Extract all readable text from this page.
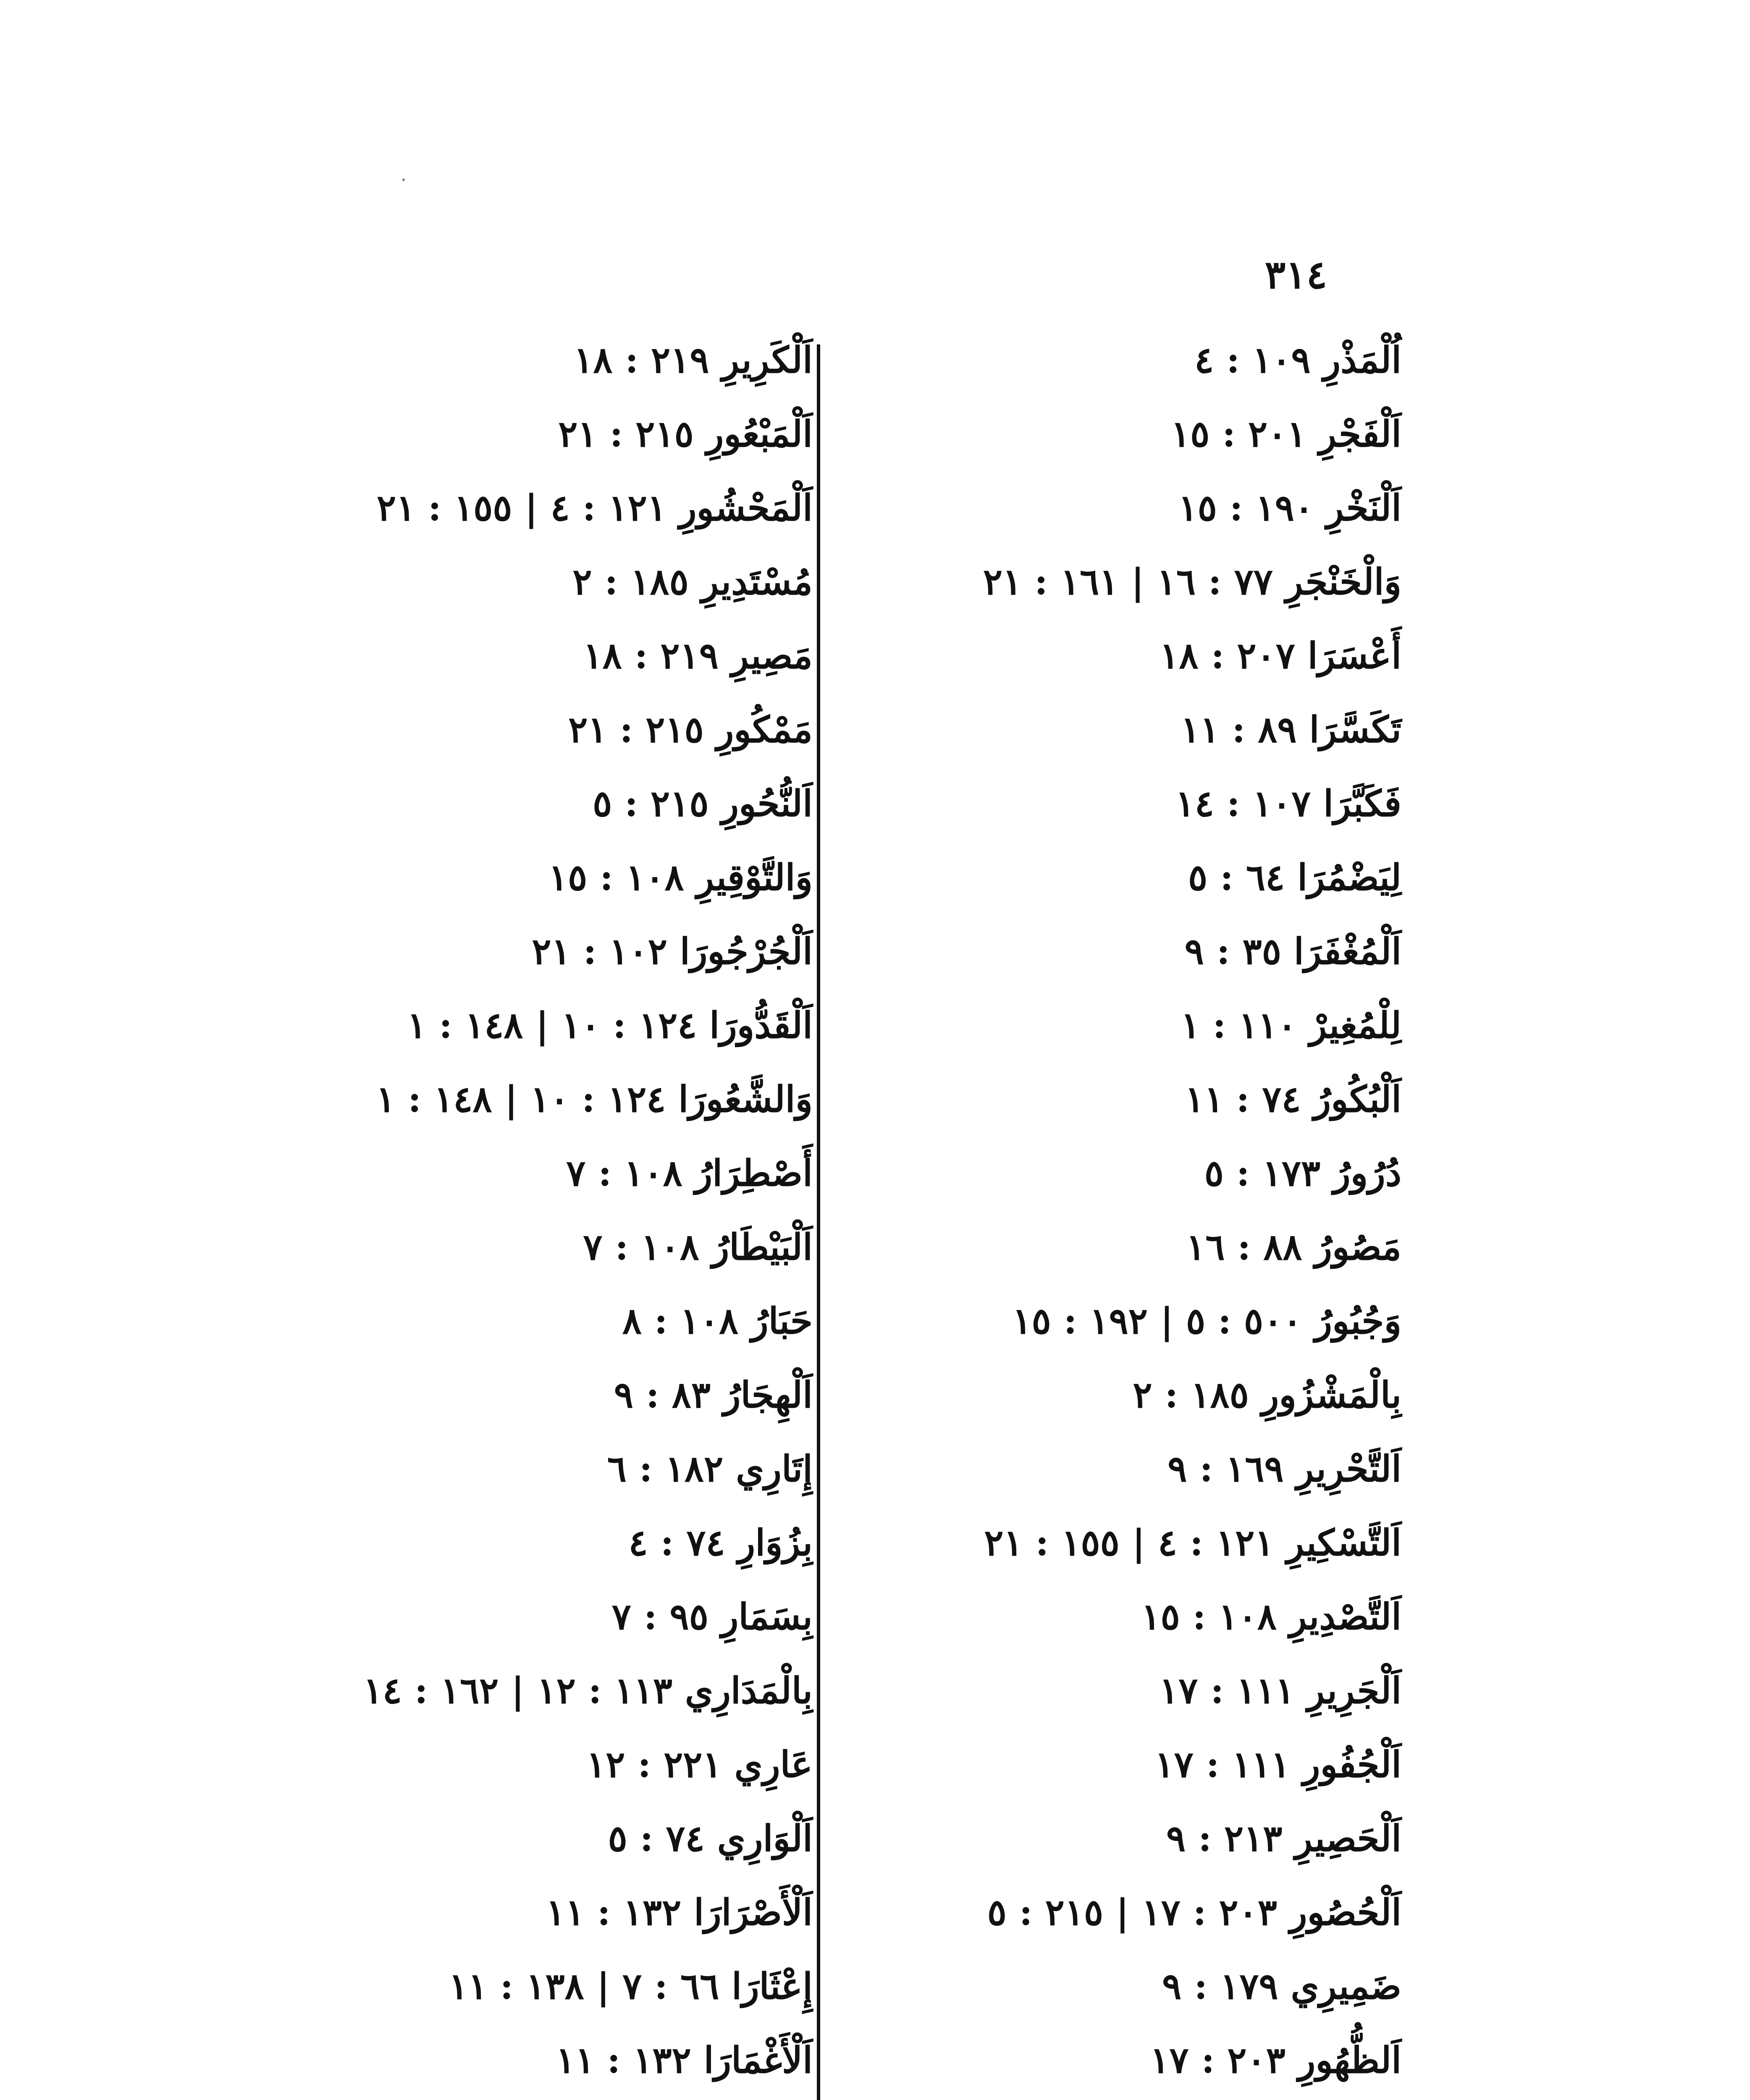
٣١٤
اُلْمَذْرِ ١٠٩ : ٤
اَلْفَجْرِ ٢٠١ : ١٥
اَلْنَخْرِ ١٩٠ : ١٥
وَالْخَنْجَرِ ٧٧ : ١٦ | ١٦١ : ٢١
أَعْسَرَا ٢٠٧ : ١٨
تَكَسَّرَا ٨٩ : ١١
فَكَبَّرَا ١٠٧ : ١٤
لِيَضْمُرَا ٦٤ : ٥
اَلْمُغْفَرَا ٣٥ : ٩
لِلْمُغِيرْ ١١٠ : ١
اَلْبُكُورُ ٧٤ : ١١
دُرُورُ ١٧٣ : ٥
مَصُورُ ٨٨ : ١٦
وَجُبُورُ ٥٠٠ : ٥ | ١٩٢ : ١٥
بِالْمَشْزُورِ ١٨٥ : ٢
اَلتَّحْرِيرِ ١٦٩ : ٩
اَلتَّسْكِيرِ ١٢١ : ٤ | ١٥٥ : ٢١
اَلتَّصْدِيرِ ١٠٨ : ١٥
اَلْجَرِيرِ ١١١ : ١٧
اَلْجُفُورِ ١١١ : ١٧
اَلْحَصِيرِ ٢١٣ : ٩
اَلْحُصُورِ ٢٠٣ : ١٧ | ٢١٥ : ٥
ضَمِيرِي ١٧٩ : ٩
اَلظُّهُورِ ٢٠٣ : ١٧
اَلْكَرِيرِ ٢١٩ : ١٨
اَلْمَبْعُورِ ٢١٥ : ٢١
اَلْمَحْشُورِ ١٢١ : ٤ | ١٥٥ : ٢١
مُسْتَدِيرِ ١٨٥ : ٢
مَصِيرِ ٢١٩ : ١٨
مَمْكُورِ ٢١٥ : ٢١
اَلنُّحُورِ ٢١٥ : ٥
وَالتَّوْقِيرِ ١٠٨ : ١٥
اَلْجُرْجُورَا ١٠٢ : ٢١
اَلْقَدُّورَا ١٢٤ : ١٠ | ١٤٨ : ١
وَالشَّعُورَا ١٢٤ : ١٠ | ١٤٨ : ١
أَصْطِرَارُ ١٠٨ : ٧
اَلْبَيْطَارُ ١٠٨ : ٧
حَبَارُ ١٠٨ : ٨
اَلْهِجَارُ ٨٣ : ٩
إِتَارِي ١٨٢ : ٦
بِزُوَارِ ٧٤ : ٤
بِسَمَارِ ٩٥ : ٧
بِالْمَدَارِي ١١٣ : ١٢ | ١٦٢ : ١٤
عَارِي ٢٢١ : ١٢
اَلْوَارِي ٧٤ : ٥
اَلْأَصْرَارَا ١٣٢ : ١١
إِعْثَارَا ٦٦ : ٧ | ١٣٨ : ١١
اَلْأَغْمَارَا ١٣٢ : ١١
